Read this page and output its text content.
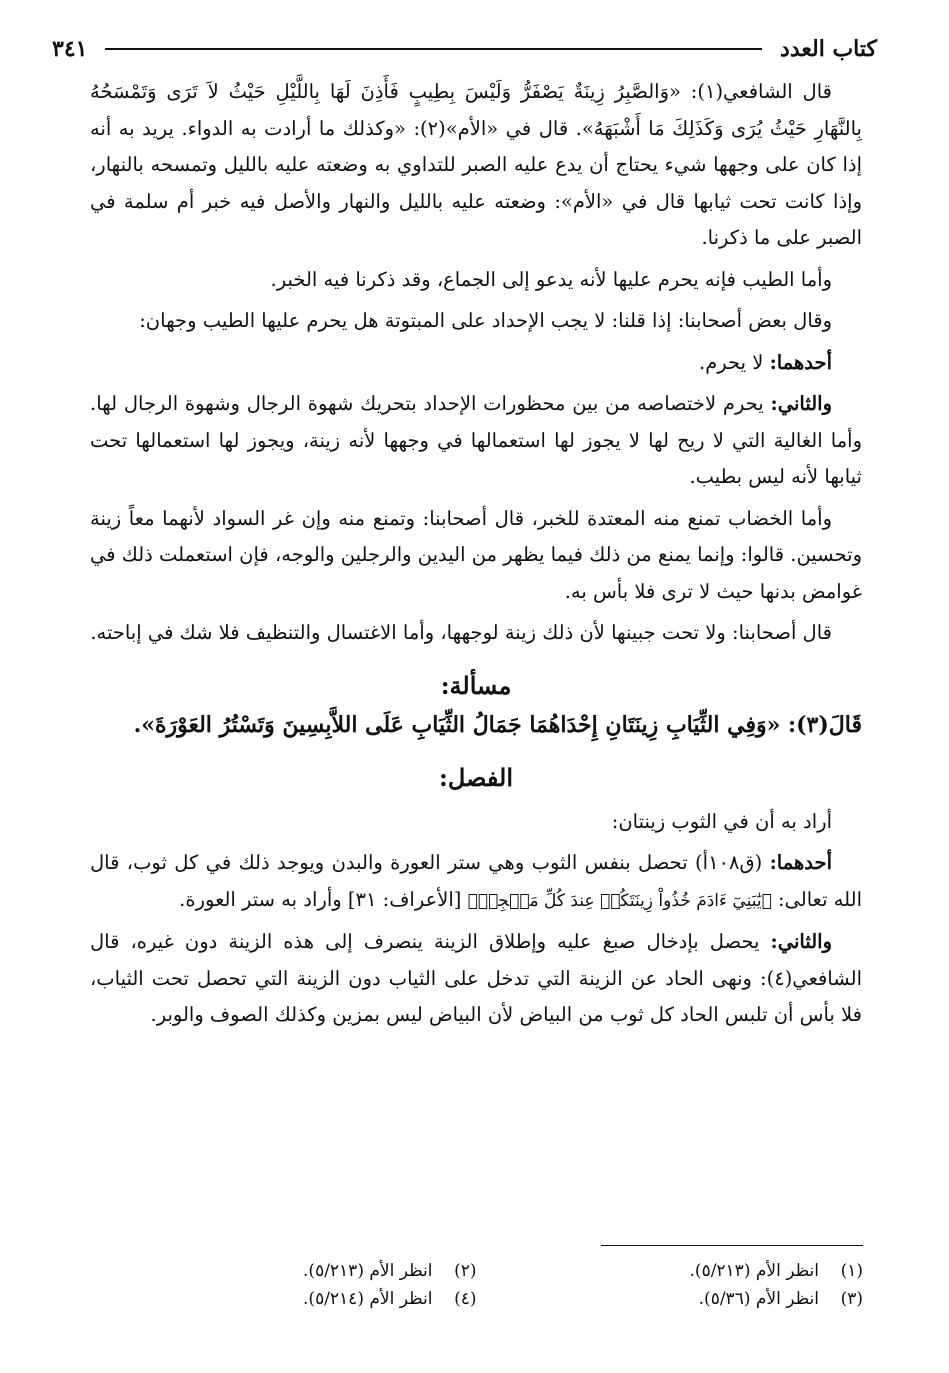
كتاب العدد
٣٤١

قال الشافعي(١): «وَالصَّبِرُ زِينَةٌ يَصْفَرُّ وَلَيْسَ بِطِيبٍ فَأَذِنَ لَهَا بِاللَّيْلِ حَيْثُ لاَ تَرَى وَتَمْسَحُهُ بِالنَّهَارِ حَيْثُ يُرَى وَكَذَلِكَ مَا أَشْبَهَهُ». قال في «الأم»(٢): «وكذلك ما أرادت به الدواء. يريد به أنه إذا كان على وجهها شيء يحتاج أن يدع عليه الصبر للتداوي به وضعته عليه بالليل وتمسحه بالنهار، وإذا كانت تحت ثيابها قال في «الأم»: وضعته عليه بالليل والنهار والأصل فيه خبر أم سلمة في الصبر على ما ذكرنا.

وأما الطيب فإنه يحرم عليها لأنه يدعو إلى الجماع، وقد ذكرنا فيه الخبر.

وقال بعض أصحابنا: إذا قلنا: لا يجب الإحداد على المبتوتة هل يحرم عليها الطيب وجهان:

أحدهما: لا يحرم.

والثاني: يحرم لاختصاصه من بين محظورات الإحداد بتحريك شهوة الرجال وشهوة الرجال لها. وأما الغالية التي لا ريح لها لا يجوز لها استعمالها في وجهها لأنه زينة، ويجوز لها استعمالها تحت ثيابها لأنه ليس بطيب.

وأما الخضاب تمنع منه المعتدة للخبر، قال أصحابنا: وتمنع منه وإن غر السواد لأنهما معاً زينة وتحسين. قالوا: وإنما يمنع من ذلك فيما يظهر من اليدين والرجلين والوجه، فإن استعملت ذلك في غوامض بدنها حيث لا ترى فلا بأس به.

قال أصحابنا: ولا تحت جبينها لأن ذلك زينة لوجهها، وأما الاغتسال والتنظيف فلا شك في إباحته.

مسألة:
قَالَ(٣): «وَفِي الثِّيَابِ زِينَتَانِ إِحْدَاهُمَا جَمَالُ الثِّيَابِ عَلَى اللاَّبِسِينَ وَتَسْتُرُ العَوْرَةَ».
الفصل:

أراد به أن في الثوب زينتان:

أحدهما: (ق١٠٨أ) تحصل بنفس الثوب وهي ستر العورة والبدن ويوجد ذلك في كل ثوب، قال الله تعالى: ﴿يَٰبَنِيٓ ءَادَمَ خُذُواْ زِينَتَكُمۡ عِندَ كُلِّ مَسۡجِدٖ﴾ [الأعراف: ٣١] وأراد به ستر العورة.

والثاني: يحصل بإدخال صبغ عليه وإطلاق الزينة ينصرف إلى هذه الزينة دون غيره، قال الشافعي(٤): ونهى الحاد عن الزينة التي تدخل على الثياب دون الزينة التي تحصل تحت الثياب، فلا بأس أن تلبس الحاد كل ثوب من البياض لأن البياض ليس بمزين وكذلك الصوف والوبر.

(١)
انظر الأم (٥/٢١٣).
(٢)
انظر الأم (٥/٢١٣).
(٣)
انظر الأم (٥/٣٦).
(٤)
انظر الأم (٥/٢١٤).
